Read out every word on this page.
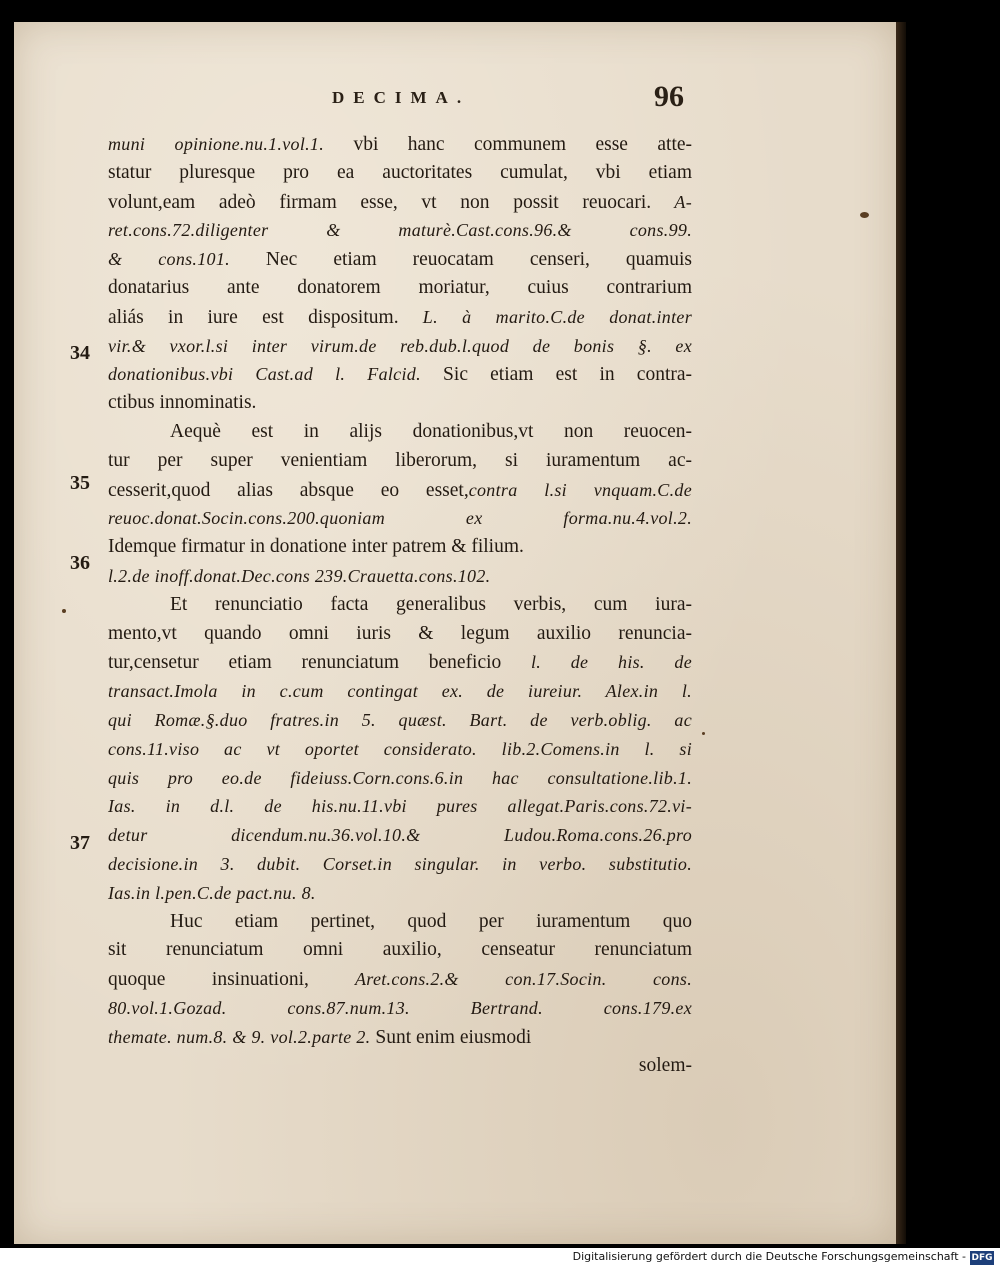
DECIMA.	96
34
35
36
37
muni opinione.nu.1.vol.1. vbi hanc communem esse atte-
statur pluresque pro ea auctoritates cumulat, vbi etiam
volunt,eam adeò firmam esse, vt non possit reuocari. A-
ret.cons.72.diligenter & maturè.Cast.cons.96.& cons.99.
& cons.101. Nec etiam reuocatam censeri, quamuis
donatarius ante donatorem moriatur, cuius contrarium
aliás in iure est dispositum. L. à marito.C.de donat.inter
vir.& vxor.l.si inter virum.de reb.dub.l.quod de bonis §. ex
donationibus.vbi Cast.ad l. Falcid. Sic etiam est in contra-
ctibus innominatis.
Aequè est in alijs donationibus,vt non reuocen-
tur per super venientiam liberorum, si iuramentum ac-
cesserit,quod alias absque eo esset,contra l.si vnquam.C.de
reuoc.donat.Socin.cons.200.quoniam ex forma.nu.4.vol.2.
Idemque firmatur in donatione inter patrem & filium.
l.2.de inoff.donat.Dec.cons 239.Crauetta.cons.102.
Et renunciatio facta generalibus verbis, cum iura-
mento,vt quando omni iuris & legum auxilio renuncia-
tur,censetur etiam renunciatum beneficio l. de his. de
transact.Imola in c.cum contingat ex. de iureiur. Alex.in l.
qui Romæ.§.duo fratres.in 5. quæst. Bart. de verb.oblig. ac
cons.11.viso ac vt oportet considerato. lib.2.Comens.in l. si
quis pro eo.de fideiuss.Corn.cons.6.in hac consultatione.lib.1.
Ias. in d.l. de his.nu.11.vbi pures allegat.Paris.cons.72.vi-
detur dicendum.nu.36.vol.10.& Ludou.Roma.cons.26.pro
decisione.in 3. dubit. Corset.in singular. in verbo. substitutio.
Ias.in l.pen.C.de pact.nu. 8.
Huc etiam pertinet, quod per iuramentum quo
sit renunciatum omni auxilio, censeatur renunciatum
quoque insinuationi, Aret.cons.2.& con.17.Socin. cons.
80.vol.1.Gozad. cons.87.num.13. Bertrand. cons.179.ex
themate. num.8. & 9. vol.2.parte 2. Sunt enim eiusmodi
solem-
Digitalisierung gefördert durch die Deutsche Forschungsgemeinschaft - DFG
